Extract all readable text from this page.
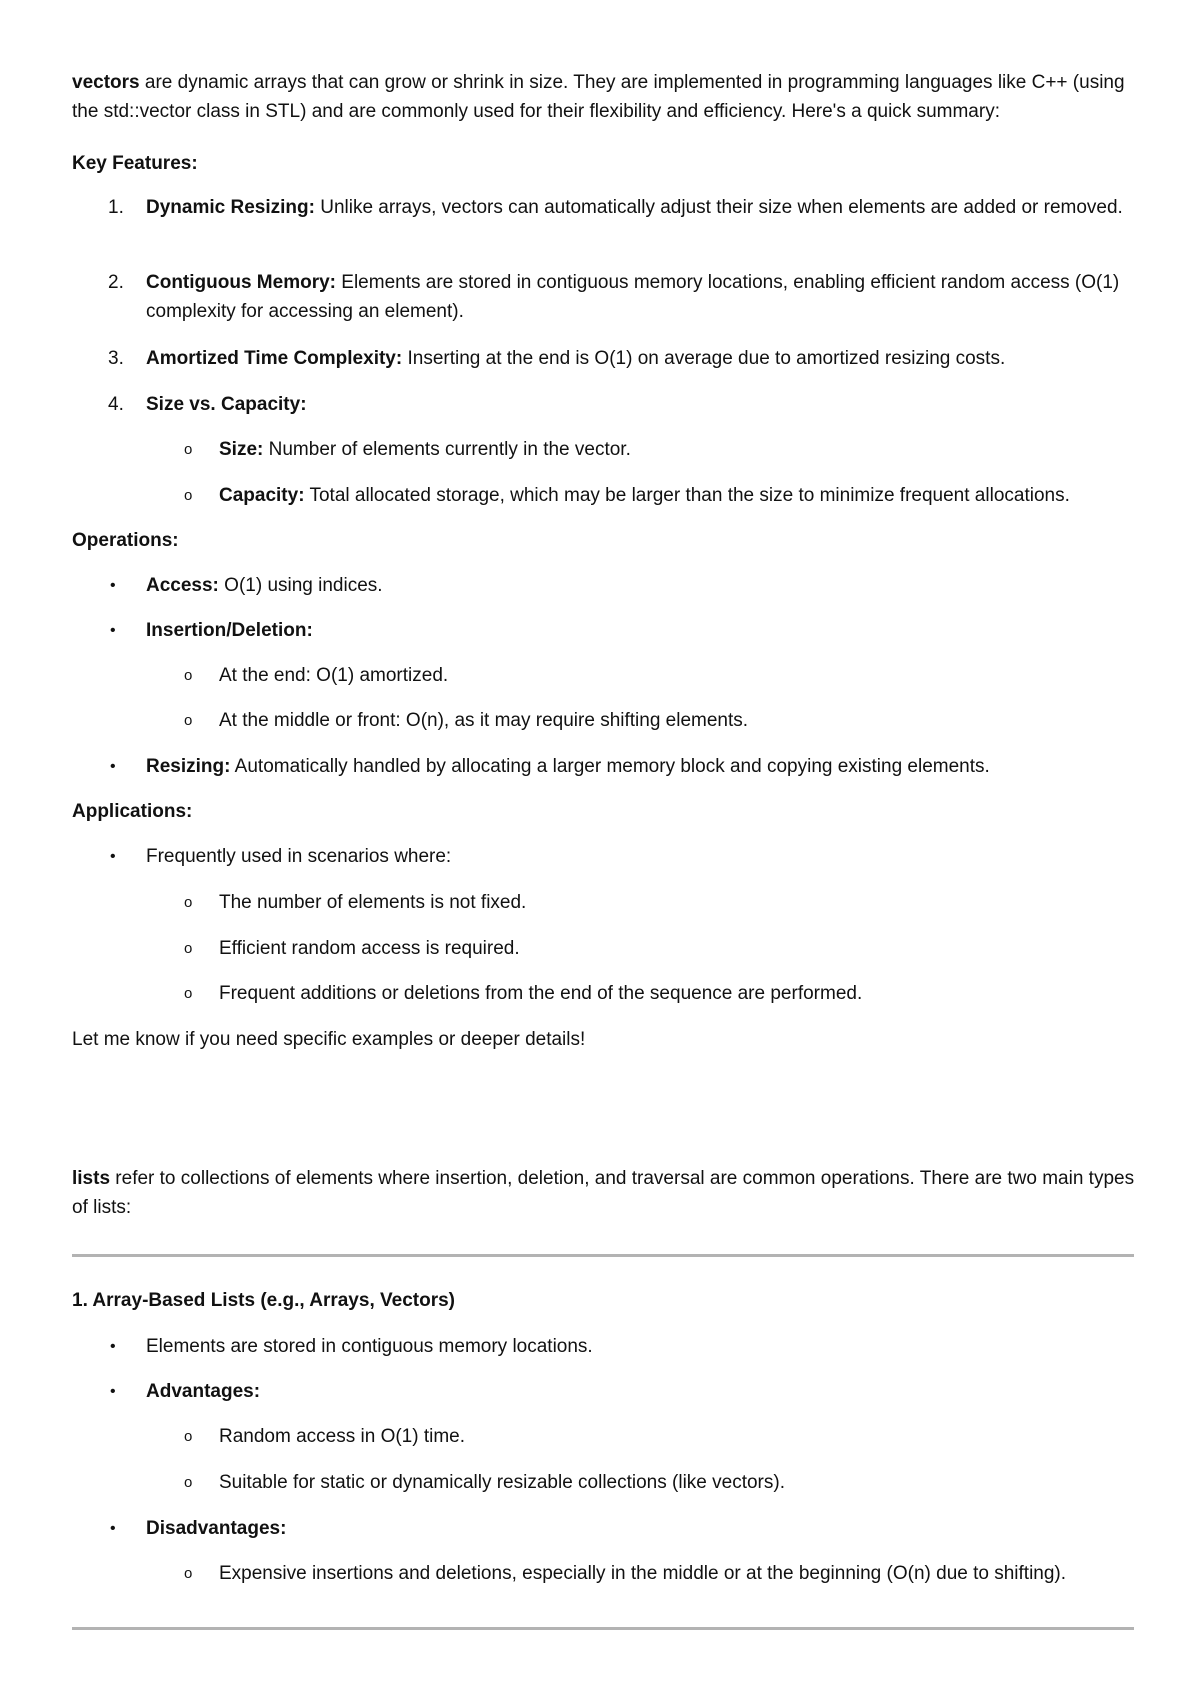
vectors are dynamic arrays that can grow or shrink in size. They are implemented in programming languages like C++ (using the std::vector class in STL) and are commonly used for their flexibility and efficiency. Here's a quick summary:

Key Features:

1.	Dynamic Resizing: Unlike arrays, vectors can automatically adjust their size when elements are added or removed.

2.	Contiguous Memory: Elements are stored in contiguous memory locations, enabling efficient random access (O(1) complexity for accessing an element).

3.	Amortized Time Complexity: Inserting at the end is O(1) on average due to amortized resizing costs.

4.	Size vs. Capacity:

o Size: Number of elements currently in the vector.

o Capacity: Total allocated storage, which may be larger than the size to minimize frequent allocations.

Operations:

• Access: O(1) using indices.

• Insertion/Deletion:

o At the end: O(1) amortized.

o At the middle or front: O(n), as it may require shifting elements.

• Resizing: Automatically handled by allocating a larger memory block and copying existing elements.

Applications:

• Frequently used in scenarios where:

o The number of elements is not fixed.

o Efficient random access is required.

o Frequent additions or deletions from the end of the sequence are performed.

Let me know if you need specific examples or deeper details!

lists refer to collections of elements where insertion, deletion, and traversal are common operations. There are two main types of lists:

1. Array-Based Lists (e.g., Arrays, Vectors)

• Elements are stored in contiguous memory locations.

• Advantages:

o Random access in O(1) time.

o Suitable for static or dynamically resizable collections (like vectors).

• Disadvantages:

o Expensive insertions and deletions, especially in the middle or at the beginning (O(n) due to shifting).
